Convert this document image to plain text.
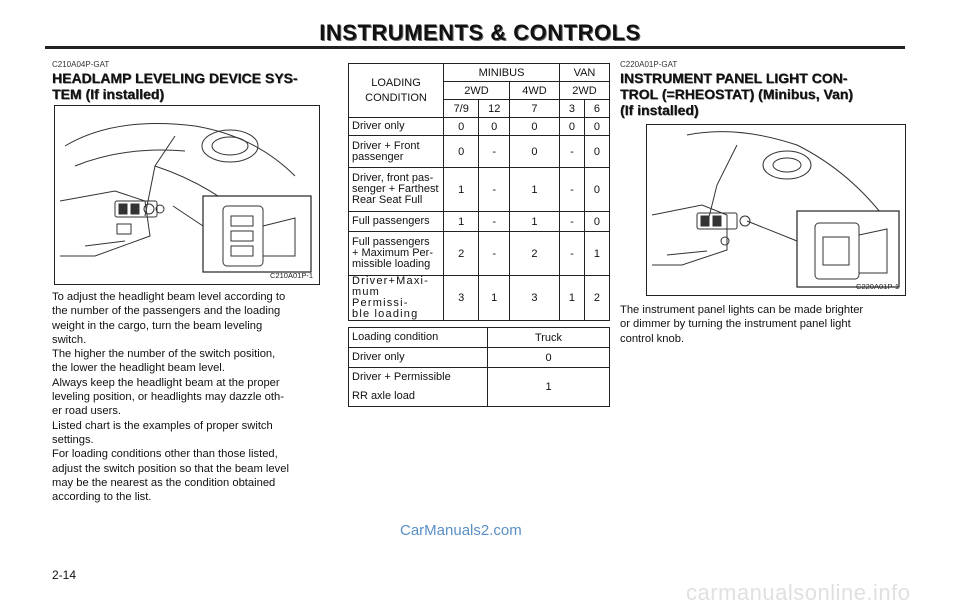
INSTRUMENTS & CONTROLS
C210A04P-GAT
HEADLAMP LEVELING DEVICE SYS-
TEM (If installed)
C210A01P-1
To adjust the headlight beam level according to
the number of the passengers and the loading
weight in the cargo, turn the beam leveling
switch.
The higher the number of the switch position,
the lower the headlight beam level.
Always keep the headlight beam at the proper
leveling position, or headlights may dazzle oth-
er road users.
Listed chart is the examples of proper switch
settings.
For loading conditions other than those listed,
adjust the switch position so that the beam level
may be the nearest as the condition obtained
according to the list.
LOADING
CONDITION	MINIBUS			VAN	
	2WD		4WD	2WD	
	7/9	12	7	3	6

Driver only	0	0	0	0	0

Driver + Front
passenger	0	-	0	-	0

Driver, front pas-
senger + Farthest
Rear Seat Full	1	-	1	-	0

Full passengers	1	-	1	-	0

Full passengers
+ Maximum Per-
missible loading	2	-	2	-	1

Driver+Maxi-
mum Permissi-
ble loading	3	1	3	1	2
Loading condition	Truck
Driver only	0

Driver + Permissible
RR axle load	1
C220A01P-GAT
INSTRUMENT PANEL LIGHT CON-
TROL (=RHEOSTAT) (Minibus, Van)
(If installed)
C220A01P-1
The instrument panel lights can be made brighter
or dimmer by turning the instrument panel light
control knob.
CarManuals2.com
2-14
carmanualsonline.info
